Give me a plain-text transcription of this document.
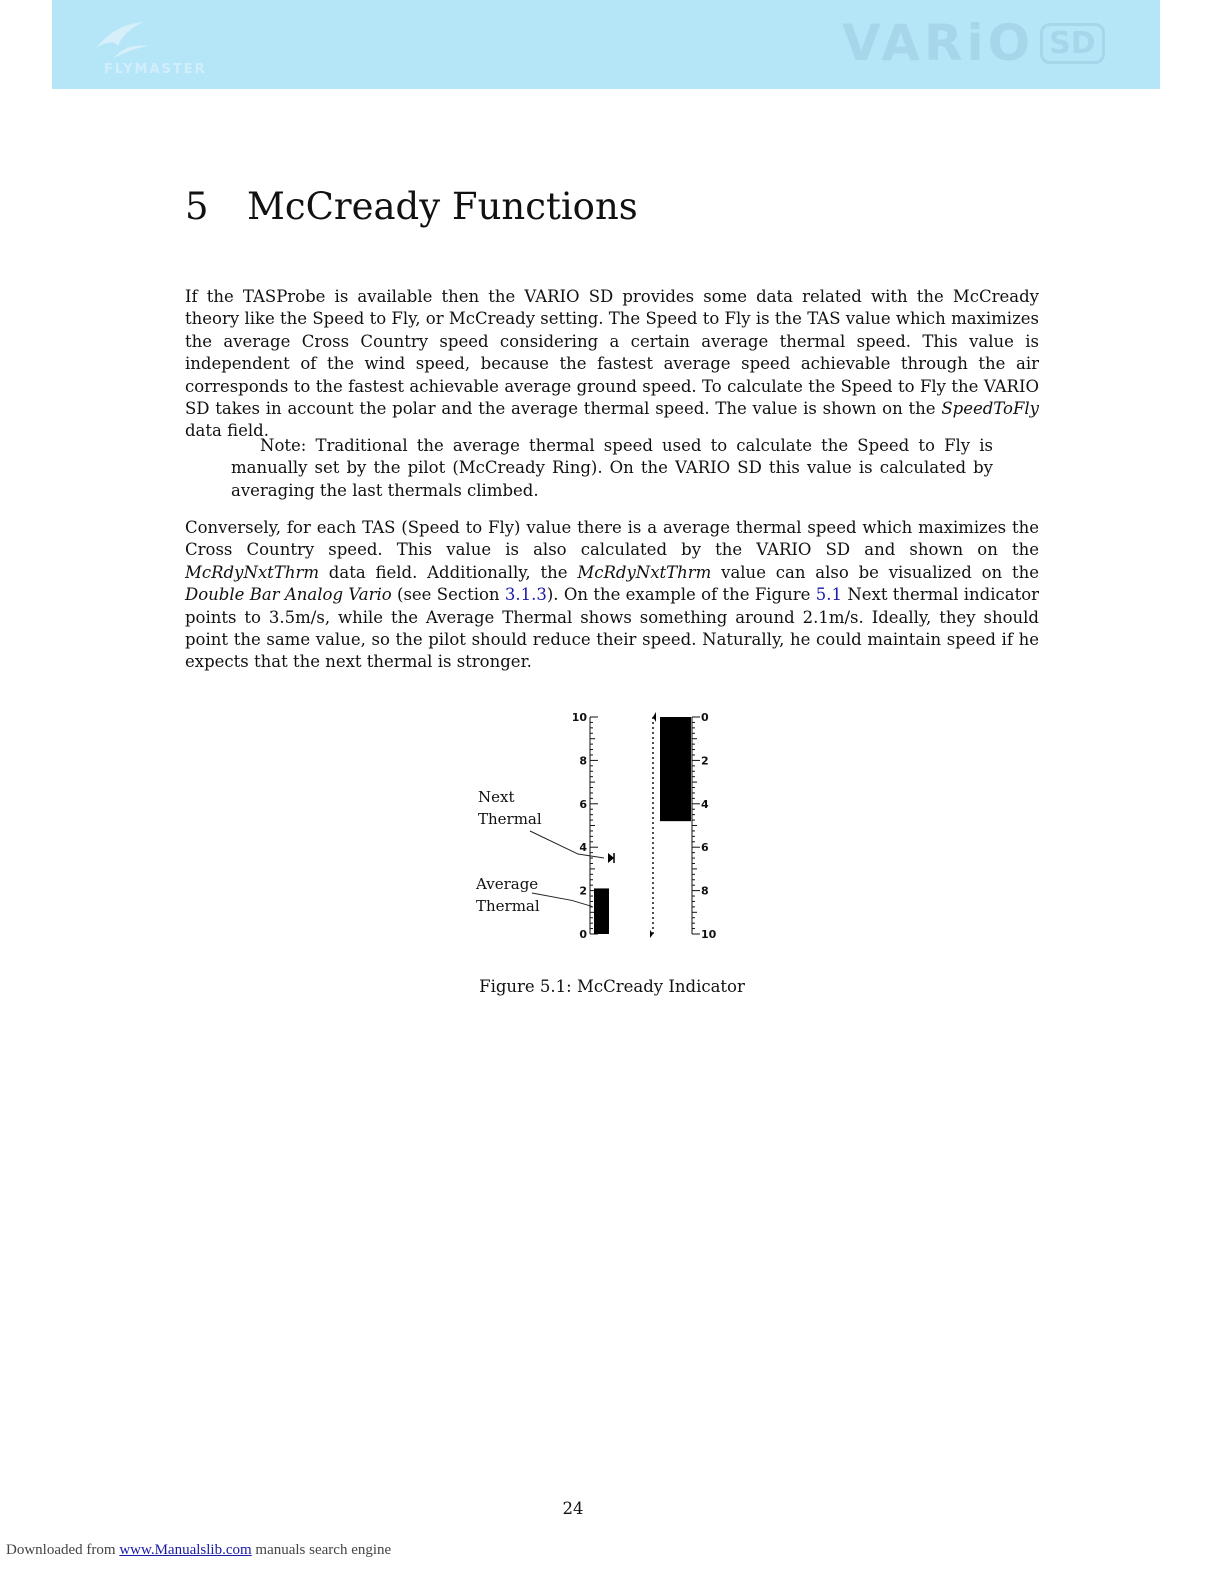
FLYMASTER	VARiO SD
5 McCready Functions

If the TASProbe is available then the VARIO SD provides some data related with the McCready theory like the Speed to Fly, or McCready setting. The Speed to Fly is the TAS value which maximizes the average Cross Country speed considering a certain average thermal speed. This value is independent of the wind speed, because the fastest average speed achievable through the air corresponds to the fastest achievable average ground speed. To calculate the Speed to Fly the VARIO SD takes in account the polar and the average thermal speed. The value is shown on the SpeedToFly data field.

Note: Traditional the average thermal speed used to calculate the Speed to Fly is manually set by the pilot (McCready Ring). On the VARIO SD this value is calculated by averaging the last thermals climbed.

Conversely, for each TAS (Speed to Fly) value there is a average thermal speed which maximizes the Cross Country speed. This value is also calculated by the VARIO SD and shown on the McRdyNxtThrm data field. Additionally, the McRdyNxtThrm value can also be visualized on the Double Bar Analog Vario (see Section 3.1.3). On the example of the Figure 5.1 Next thermal indicator points to 3.5m/s, while the Average Thermal shows something around 2.1m/s. Ideally, they should point the same value, so the pilot should reduce their speed. Naturally, he could maintain speed if he expects that the next thermal is stronger.

10
8
6
4
2
0
Next
Thermal
Average
Thermal
0
2
4
6
8
10
Figure 5.1: McCready Indicator
24
Downloaded from www.Manualslib.com manuals search engine
